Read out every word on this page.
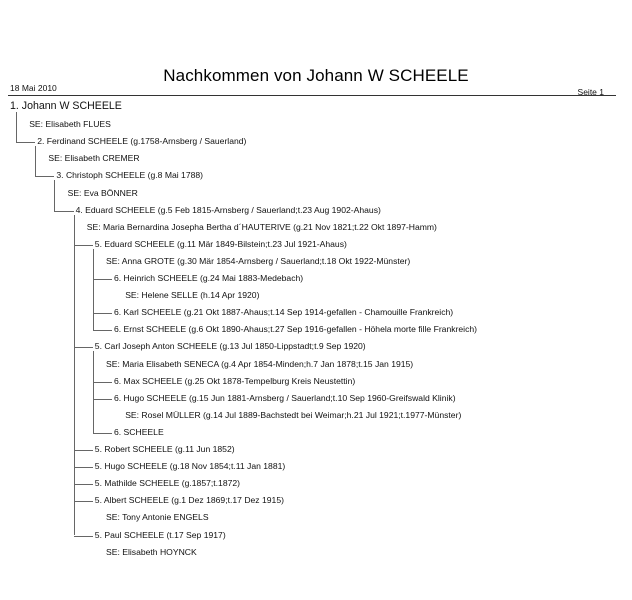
Nachkommen von Johann W SCHEELE
18 Mai 2010	Seite 1
1. Johann W SCHEELE
SE: Elisabeth FLUES
2. Ferdinand SCHEELE (g.1758-Arnsberg / Sauerland)
SE: Elisabeth CREMER
3. Christoph SCHEELE (g.8 Mai 1788)
SE: Eva BÖNNER
4. Eduard SCHEELE (g.5 Feb 1815-Arnsberg / Sauerland;t.23 Aug 1902-Ahaus)
SE: Maria Bernardina Josepha Bertha d´HAUTERIVE (g.21 Nov 1821;t.22 Okt 1897-Hamm)
5. Eduard SCHEELE (g.11 Mär 1849-Bilstein;t.23 Jul 1921-Ahaus)
SE: Anna GROTE (g.30 Mär 1854-Arnsberg / Sauerland;t.18 Okt 1922-Münster)
6. Heinrich SCHEELE (g.24 Mai 1883-Medebach)
SE: Helene SELLE (h.14 Apr 1920)
6. Karl SCHEELE (g.21 Okt 1887-Ahaus;t.14 Sep 1914-gefallen - Chamouille Frankreich)
6. Ernst SCHEELE (g.6 Okt 1890-Ahaus;t.27 Sep 1916-gefallen - Höhela morte fille Frankreich)
5. Carl Joseph Anton SCHEELE (g.13 Jul 1850-Lippstadt;t.9 Sep 1920)
SE: Maria Elisabeth SENECA (g.4 Apr 1854-Minden;h.7 Jan 1878;t.15 Jan 1915)
6. Max SCHEELE (g.25 Okt 1878-Tempelburg Kreis Neustettin)
6. Hugo SCHEELE (g.15 Jun 1881-Arnsberg / Sauerland;t.10 Sep 1960-Greifswald Klinik)
SE: Rosel MÜLLER (g.14 Jul 1889-Bachstedt bei Weimar;h.21 Jul 1921;t.1977-Münster)
6. SCHEELE
5. Robert SCHEELE (g.11 Jun 1852)
5. Hugo SCHEELE (g.18 Nov 1854;t.11 Jan 1881)
5. Mathilde SCHEELE (g.1857;t.1872)
5. Albert SCHEELE (g.1 Dez 1869;t.17 Dez 1915)
SE: Tony Antonie ENGELS
5. Paul SCHEELE (t.17 Sep 1917)
SE: Elisabeth HOYNCK
